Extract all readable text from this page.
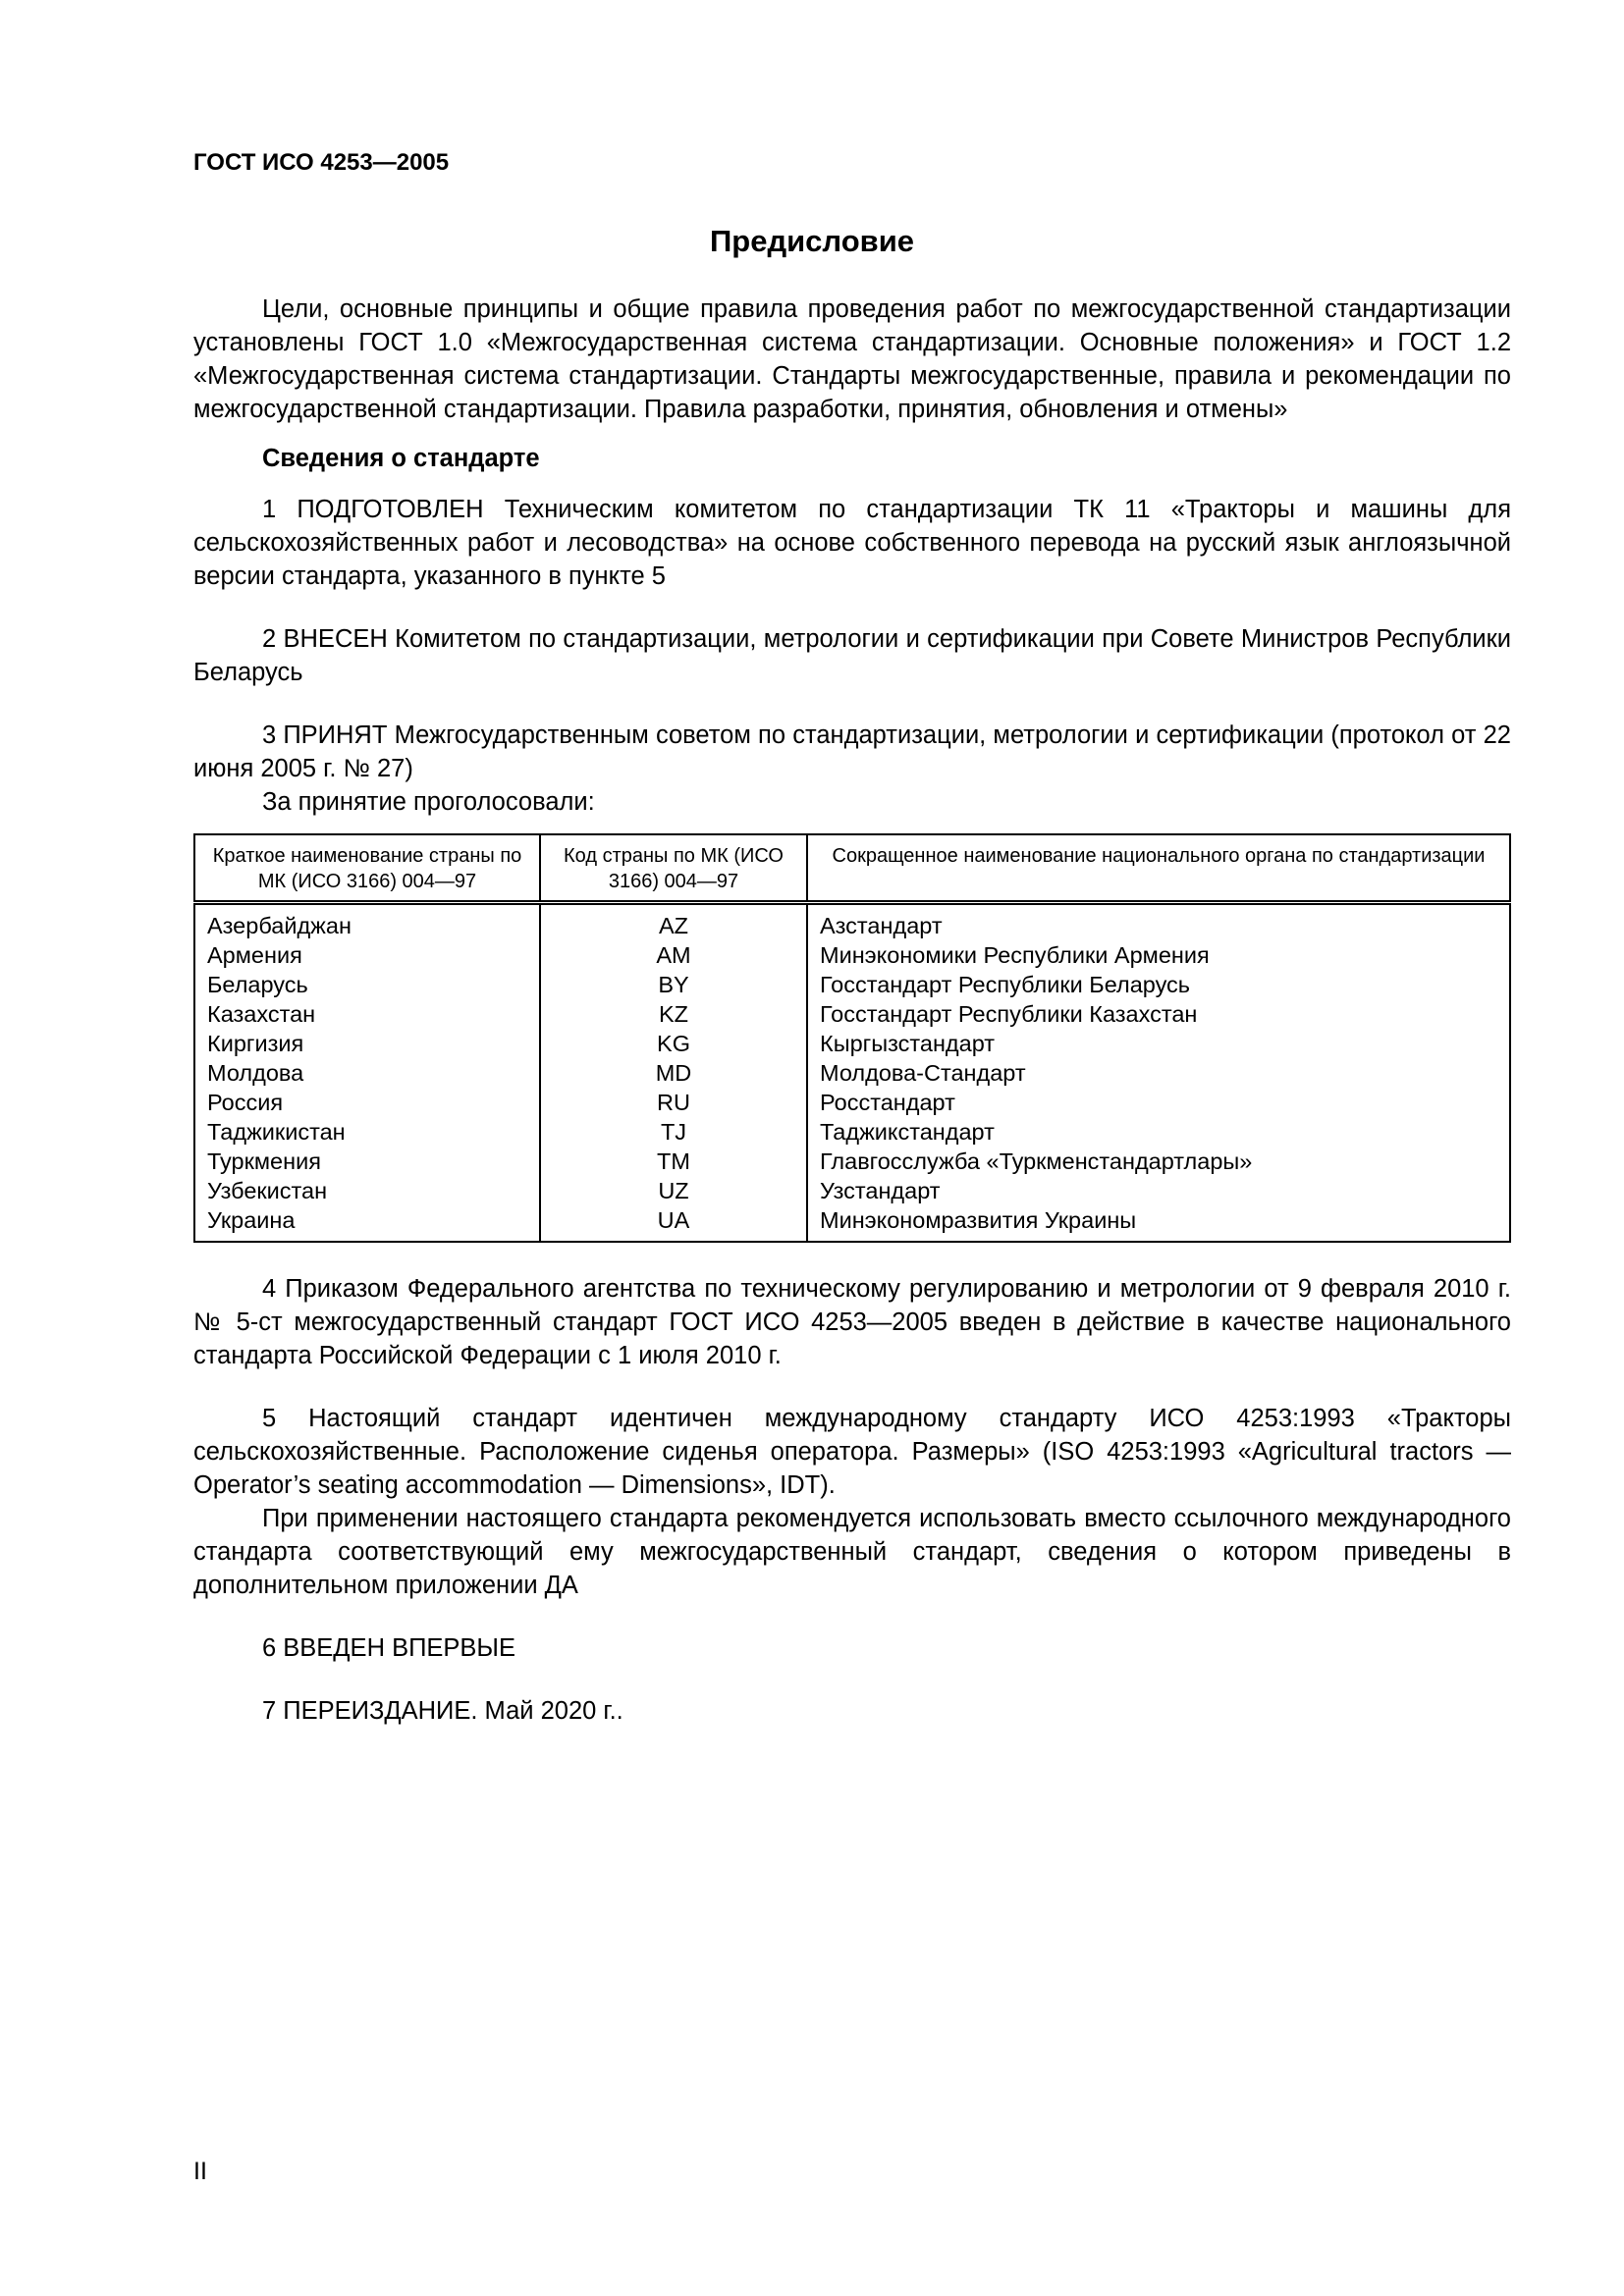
ГОСТ ИСО 4253—2005
Предисловие

Цели, основные принципы и общие правила проведения работ по межгосударственной стандартизации установлены ГОСТ 1.0 «Межгосударственная система стандартизации. Основные положения» и ГОСТ 1.2 «Межгосударственная система стандартизации. Стандарты межгосударственные, правила и рекомендации по межгосударственной стандартизации. Правила разработки, принятия, обновления и отмены»

Сведения о стандарте

1 ПОДГОТОВЛЕН Техническим комитетом по стандартизации ТК 11 «Тракторы и машины для сельскохозяйственных работ и лесоводства» на основе собственного перевода на русский язык англоязычной версии стандарта, указанного в пункте 5

2 ВНЕСЕН Комитетом по стандартизации, метрологии и сертификации при Совете Министров Республики Беларусь

3 ПРИНЯТ Межгосударственным советом по стандартизации, метрологии и сертификации (протокол от 22 июня 2005 г. № 27)

За принятие проголосовали:

Краткое наименование страны по МК (ИСО 3166) 004—97	Код страны по МК (ИСО 3166) 004—97	Сокращенное наименование национального органа по стандартизации
Азербайджан	AZ	Азстандарт
Армения	AM	Минэкономики Республики Армения
Беларусь	BY	Госстандарт Республики Беларусь
Казахстан	KZ	Госстандарт Республики Казахстан
Киргизия	KG	Кыргызстандарт
Молдова	MD	Молдова-Стандарт
Россия	RU	Росстандарт
Таджикистан	TJ	Таджикстандарт
Туркмения	TM	Главгосслужба «Туркменстандартлары»
Узбекистан	UZ	Узстандарт
Украина	UA	Минэкономразвития Украины

4 Приказом Федерального агентства по техническому регулированию и метрологии от 9 февраля 2010 г. № 5-ст межгосударственный стандарт ГОСТ ИСО 4253—2005 введен в действие в качестве национального стандарта Российской Федерации с 1 июля 2010 г.

5 Настоящий стандарт идентичен международному стандарту ИСО 4253:1993 «Тракторы сельскохозяйственные. Расположение сиденья оператора. Размеры» (ISO 4253:1993 «Agricultural tractors — Operator’s seating accommodation — Dimensions», IDT).

При применении настоящего стандарта рекомендуется использовать вместо ссылочного международного стандарта соответствующий ему межгосударственный стандарт, сведения о котором приведены в дополнительном приложении ДА

6 ВВЕДЕН ВПЕРВЫЕ

7 ПЕРЕИЗДАНИЕ. Май 2020 г..

II
